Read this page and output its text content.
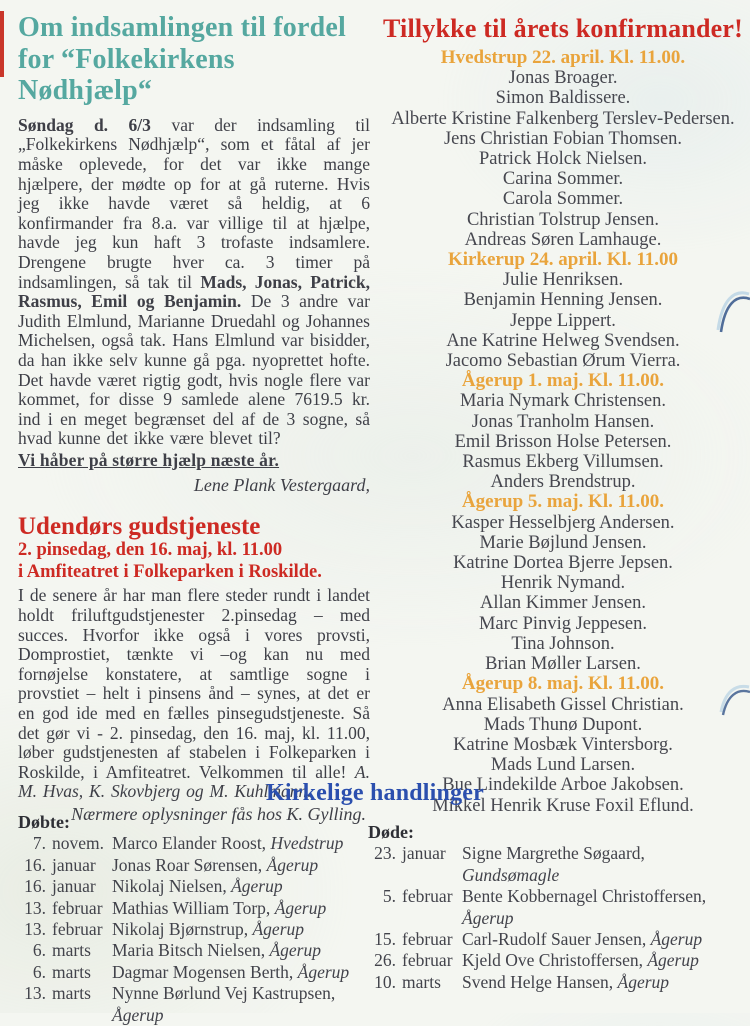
Om indsamlingen til fordel
for “Folkekirkens Nødhjælp“

Søndag d. 6/3 var der indsamling til „Folkekirkens Nødhjælp“, som et fåtal af jer måske oplevede, for det var ikke mange hjælpere, der mødte op for at gå ruterne. Hvis jeg ikke havde været så heldig, at 6 konfirmander fra 8.a. var villige til at hjælpe, havde jeg kun haft 3 trofaste indsamlere. Drengene brugte hver ca. 3 timer på indsamlingen, så tak til Mads, Jonas, Patrick, Rasmus, Emil og Benjamin. De 3 andre var Judith Elmlund, Marianne Druedahl og Johannes Michelsen, også tak. Hans Elmlund var bisidder, da han ikke selv kunne gå pga. nyoprettet hofte. Det havde været rigtig godt, hvis nogle flere var kommet, for disse 9 samlede alene 7619.5 kr. ind i en meget begrænset del af de 3 sogne, så hvad kunne det ikke være blevet til?

Vi håber på større hjælp næste år.

Lene Plank Vestergaard,

Udendørs gudstjeneste
2. pinsedag, den 16. maj, kl. 11.00
i Amfiteatret i Folkeparken i Roskilde.

I de senere år har man flere steder rundt i landet holdt friluftgudstjenester 2.pinsedag – med succes. Hvorfor ikke også i vores provsti, Domprostiet, tænkte vi –og kan nu med fornøjelse konstatere, at samtlige sogne i provstiet – helt i pinsens ånd – synes, at det er en god ide med en fælles pinsegudstjeneste. Så det gør vi - 2. pinsedag, den 16. maj, kl. 11.00, løber gudstjenesten af stabelen i Folkeparken i Roskilde, i Amfiteatret. Velkommen til alle! A. M. Hvas, K. Skovbjerg og M. Kuhlmann.

Nærmere oplysninger fås hos K. Gylling.

Tillykke til årets konfirmander!
Hvedstrup 22. april. Kl. 11.00.
Jonas Broager.
Simon Baldissere.
Alberte Kristine Falkenberg Terslev-Pedersen.
Jens Christian Fobian Thomsen.
Patrick Holck Nielsen.
Carina Sommer.
Carola Sommer.
Christian Tolstrup Jensen.
Andreas Søren Lamhauge.
Kirkerup 24. april. Kl. 11.00
Julie Henriksen.
Benjamin Henning Jensen.
Jeppe Lippert.
Ane Katrine Helweg Svendsen.
Jacomo Sebastian Ørum Vierra.
Ågerup 1. maj. Kl. 11.00.
Maria Nymark Christensen.
Jonas Tranholm Hansen.
Emil Brisson Holse Petersen.
Rasmus Ekberg Villumsen.
Anders Brendstrup.
Ågerup 5. maj. Kl. 11.00.
Kasper Hesselbjerg Andersen.
Marie Bøjlund Jensen.
Katrine Dortea Bjerre Jepsen.
Henrik Nymand.
Allan Kimmer Jensen.
Marc Pinvig Jeppesen.
Tina Johnson.
Brian Møller Larsen.
Ågerup 8. maj. Kl. 11.00.
Anna Elisabeth Gissel Christian.
Mads Thunø Dupont.
Katrine Mosbæk Vintersborg.
Mads Lund Larsen.
Bue Lindekilde Arboe Jakobsen.
Mikkel Henrik Kruse Foxil Eflund.
Kirkelige handlinger
Døbte:
7. novem. Marco Elander Roost, Hvedstrup
16. januar Jonas Roar Sørensen, Ågerup
16. januar Nikolaj Nielsen, Ågerup
13. februar Mathias William Torp, Ågerup
13. februar Nikolaj Bjørnstrup, Ågerup
6. marts Maria Bitsch Nielsen, Ågerup
6. marts Dagmar Mogensen Berth, Ågerup
13. marts Nynne Børlund Vej Kastrupsen,
Ågerup
Døde:
23. januar Signe Margrethe Søgaard,
Gundsømagle
5. februar Bente Kobbernagel Christoffersen,
Ågerup
15. februar Carl-Rudolf Sauer Jensen, Ågerup
26. februar Kjeld Ove Christoffersen, Ågerup
10. marts Svend Helge Hansen, Ågerup
